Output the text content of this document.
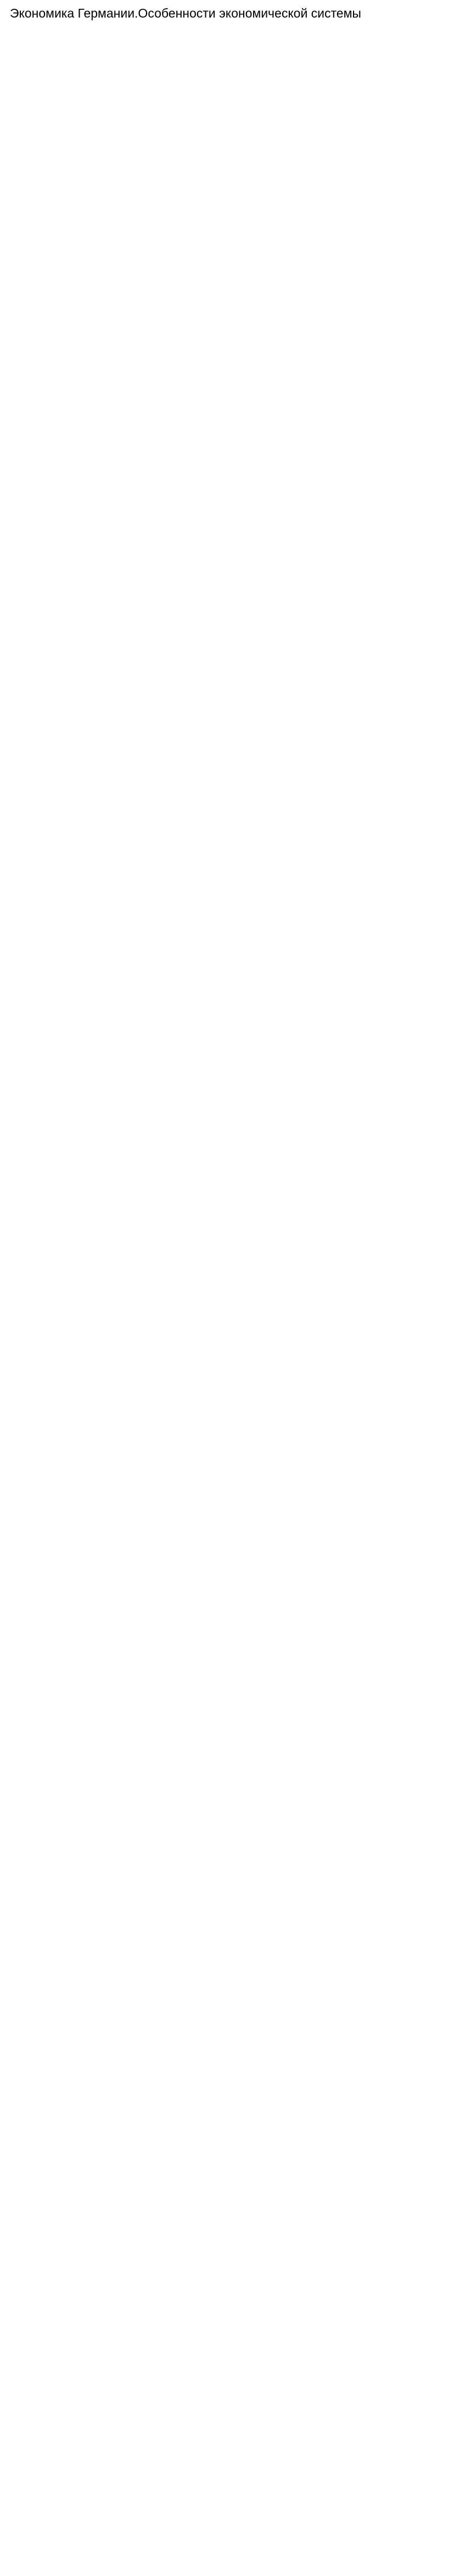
Экономика Германии.Особенности экономической системы
